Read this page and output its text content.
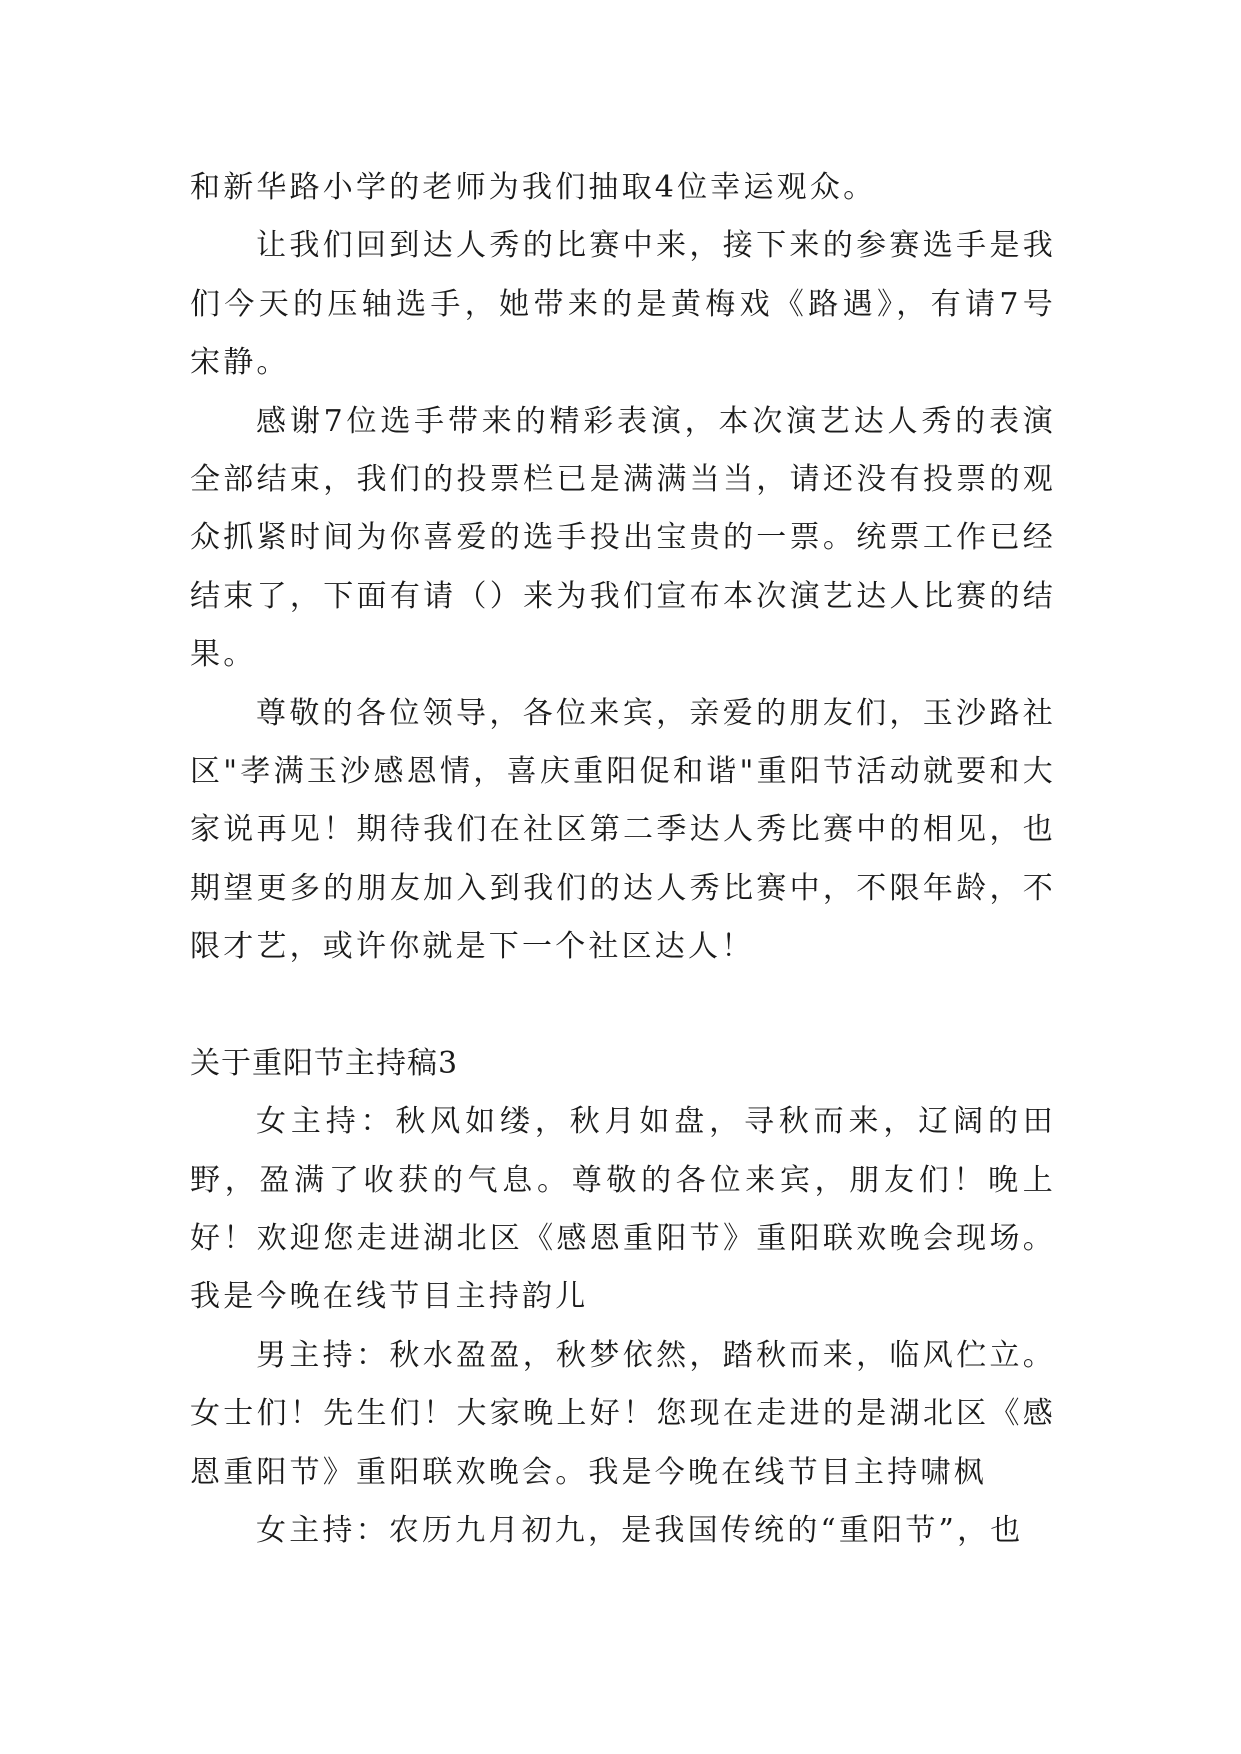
和新华路小学的老师为我们抽取4位幸运观众。

让我们回到达人秀的比赛中来，接下来的参赛选手是我们今天的压轴选手，她带来的是黄梅戏《路遇》，有请7号宋静。

感谢7位选手带来的精彩表演，本次演艺达人秀的表演全部结束，我们的投票栏已是满满当当，请还没有投票的观众抓紧时间为你喜爱的选手投出宝贵的一票。统票工作已经结束了，下面有请（）来为我们宣布本次演艺达人比赛的结果。

尊敬的各位领导，各位来宾，亲爱的朋友们，玉沙路社区"孝满玉沙感恩情，喜庆重阳促和谐"重阳节活动就要和大家说再见！期待我们在社区第二季达人秀比赛中的相见，也期望更多的朋友加入到我们的达人秀比赛中，不限年龄，不限才艺，或许你就是下一个社区达人！

关于重阳节主持稿3

女主持：秋风如缕，秋月如盘，寻秋而来，辽阔的田野，盈满了收获的气息。尊敬的各位来宾，朋友们！晚上好！欢迎您走进湖北区《感恩重阳节》重阳联欢晚会现场。我是今晚在线节目主持韵儿

男主持：秋水盈盈，秋梦依然，踏秋而来，临风伫立。女士们！先生们！大家晚上好！您现在走进的是湖北区《感恩重阳节》重阳联欢晚会。我是今晚在线节目主持啸枫

女主持：农历九月初九，是我国传统的“重阳节”，也
